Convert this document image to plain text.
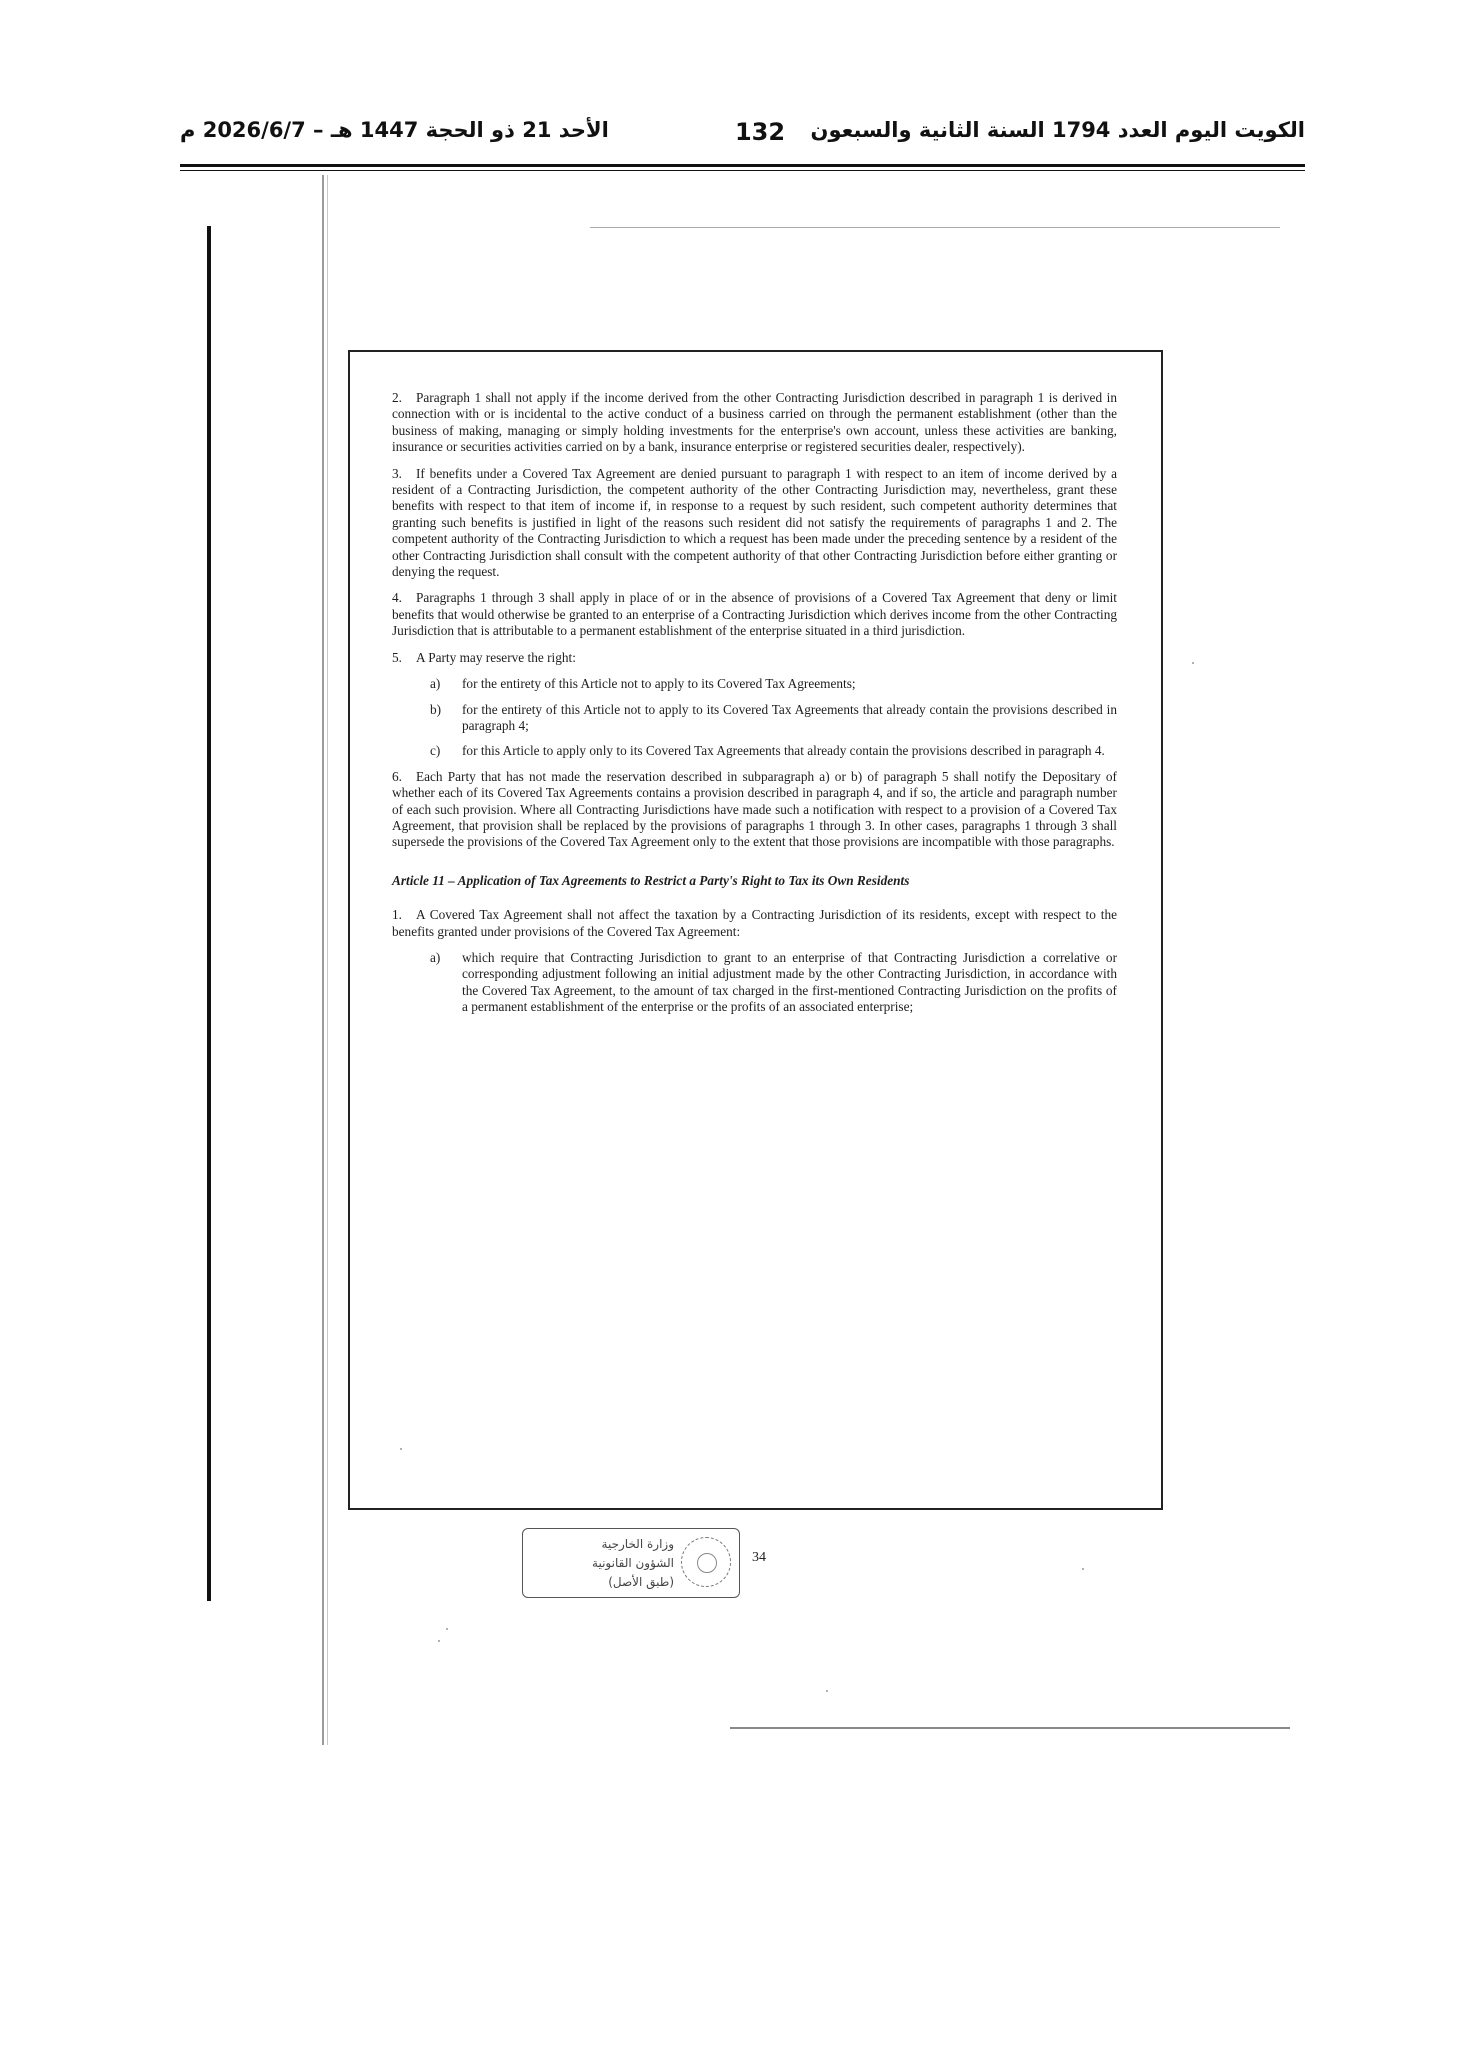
الأحد 21 ذو الحجة 1447 هـ – 2026/6/7 م	132 الكويت اليوم العدد 1794 السنة الثانية والسبعون

2. Paragraph 1 shall not apply if the income derived from the other Contracting Jurisdiction described in paragraph 1 is derived in connection with or is incidental to the active conduct of a business carried on through the permanent establishment (other than the business of making, managing or simply holding investments for the enterprise's own account, unless these activities are banking, insurance or securities activities carried on by a bank, insurance enterprise or registered securities dealer, respectively).

3. If benefits under a Covered Tax Agreement are denied pursuant to paragraph 1 with respect to an item of income derived by a resident of a Contracting Jurisdiction, the competent authority of the other Contracting Jurisdiction may, nevertheless, grant these benefits with respect to that item of income if, in response to a request by such resident, such competent authority determines that granting such benefits is justified in light of the reasons such resident did not satisfy the requirements of paragraphs 1 and 2. The competent authority of the Contracting Jurisdiction to which a request has been made under the preceding sentence by a resident of the other Contracting Jurisdiction shall consult with the competent authority of that other Contracting Jurisdiction before either granting or denying the request.

4. Paragraphs 1 through 3 shall apply in place of or in the absence of provisions of a Covered Tax Agreement that deny or limit benefits that would otherwise be granted to an enterprise of a Contracting Jurisdiction which derives income from the other Contracting Jurisdiction that is attributable to a permanent establishment of the enterprise situated in a third jurisdiction.

5. A Party may reserve the right:

a)	for the entirety of this Article not to apply to its Covered Tax Agreements;
b)	for the entirety of this Article not to apply to its Covered Tax Agreements that already contain the provisions described in paragraph 4;
c)	for this Article to apply only to its Covered Tax Agreements that already contain the provisions described in paragraph 4.

6. Each Party that has not made the reservation described in subparagraph a) or b) of paragraph 5 shall notify the Depositary of whether each of its Covered Tax Agreements contains a provision described in paragraph 4, and if so, the article and paragraph number of each such provision. Where all Contracting Jurisdictions have made such a notification with respect to a provision of a Covered Tax Agreement, that provision shall be replaced by the provisions of paragraphs 1 through 3. In other cases, paragraphs 1 through 3 shall supersede the provisions of the Covered Tax Agreement only to the extent that those provisions are incompatible with those paragraphs.

Article 11 – Application of Tax Agreements to Restrict a Party's Right to Tax its Own Residents

1. A Covered Tax Agreement shall not affect the taxation by a Contracting Jurisdiction of its residents, except with respect to the benefits granted under provisions of the Covered Tax Agreement:

a)	which require that Contracting Jurisdiction to grant to an enterprise of that Contracting Jurisdiction a correlative or corresponding adjustment following an initial adjustment made by the other Contracting Jurisdiction, in accordance with the Covered Tax Agreement, to the amount of tax charged in the first-mentioned Contracting Jurisdiction on the profits of a permanent establishment of the enterprise or the profits of an associated enterprise;
وزارة الخارجية
الشؤون القانونية
(طبق الأصل)
34
